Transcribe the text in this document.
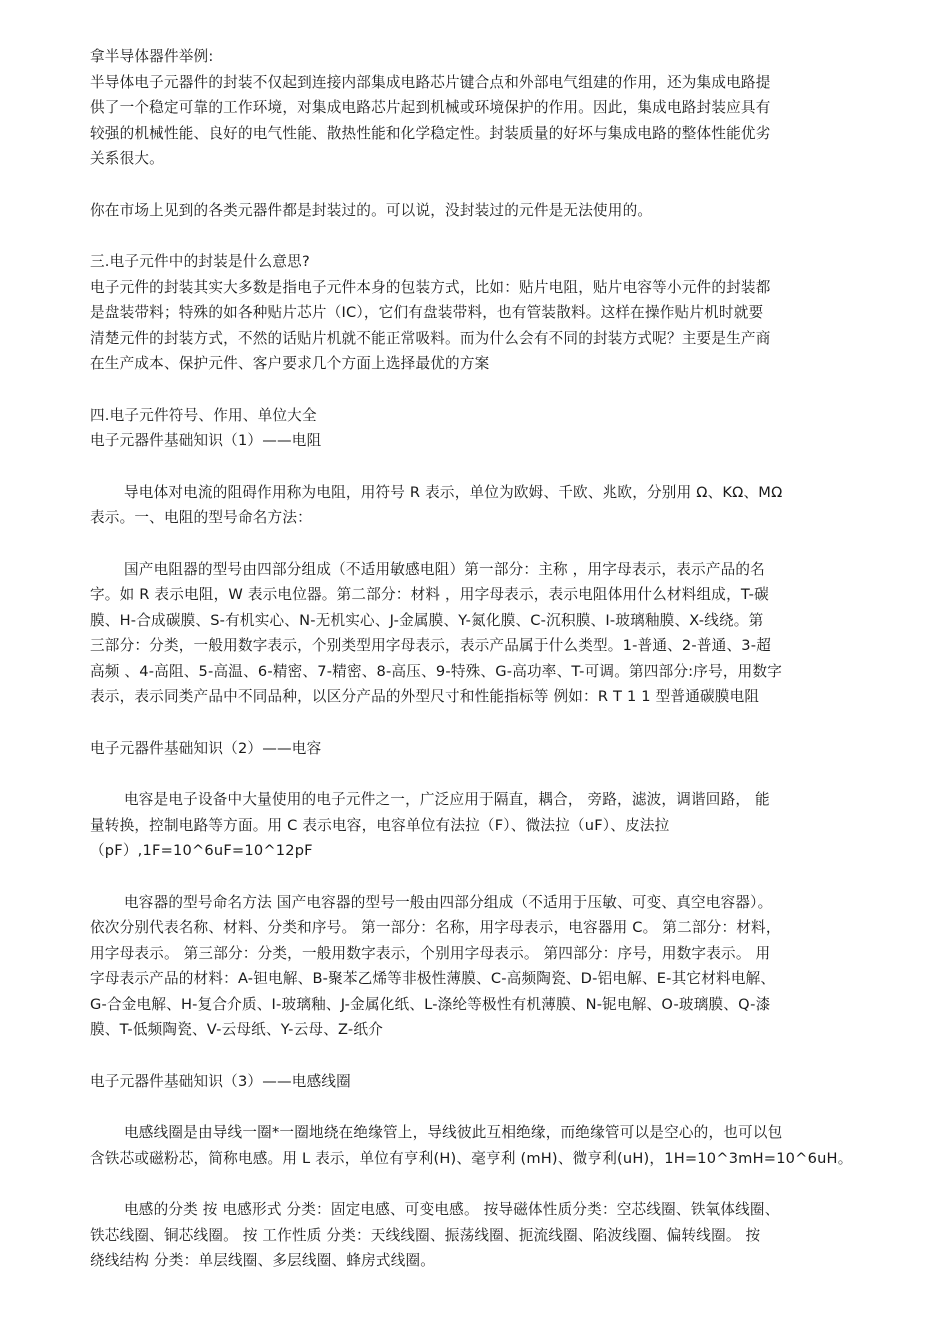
拿半导体器件举例:
半导体电子元器件的封装不仅起到连接内部集成电路芯片键合点和外部电气组建的作用，还为集成电路提
供了一个稳定可靠的工作环境，对集成电路芯片起到机械或环境保护的作用。因此，集成电路封装应具有
较强的机械性能、良好的电气性能、散热性能和化学稳定性。封装质量的好坏与集成电路的整体性能优劣
关系很大。
你在市场上见到的各类元器件都是封装过的。可以说，没封装过的元件是无法使用的。
三.电子元件中的封装是什么意思?
电子元件的封装其实大多数是指电子元件本身的包装方式，比如：贴片电阻，贴片电容等小元件的封装都
是盘装带料；特殊的如各种贴片芯片（IC），它们有盘装带料，也有管装散料。这样在操作贴片机时就要
清楚元件的封装方式，不然的话贴片机就不能正常吸料。而为什么会有不同的封装方式呢？主要是生产商
在生产成本、保护元件、客户要求几个方面上选择最优的方案
四.电子元件符号、作用、单位大全
电子元器件基础知识（1）——电阻
导电体对电流的阻碍作用称为电阻，用符号 R 表示，单位为欧姆、千欧、兆欧，分别用 Ω、KΩ、MΩ
表示。一、电阻的型号命名方法：
国产电阻器的型号由四部分组成（不适用敏感电阻）第一部分：主称 ，用字母表示，表示产品的名
字。如 R 表示电阻，W 表示电位器。第二部分：材料 ，用字母表示，表示电阻体用什么材料组成，T-碳
膜、H-合成碳膜、S-有机实心、N-无机实心、J-金属膜、Y-氮化膜、C-沉积膜、I-玻璃釉膜、X-线绕。第
三部分：分类，一般用数字表示，个别类型用字母表示，表示产品属于什么类型。1-普通、2-普通、3-超
高频 、4-高阻、5-高温、6-精密、7-精密、8-高压、9-特殊、G-高功率、T-可调。第四部分:序号，用数字
表示，表示同类产品中不同品种，以区分产品的外型尺寸和性能指标等 例如：R T 1 1 型普通碳膜电阻
电子元器件基础知识（2）——电容
电容是电子设备中大量使用的电子元件之一，广泛应用于隔直，耦合， 旁路，滤波，调谐回路， 能
量转换，控制电路等方面。用 C 表示电容，电容单位有法拉（F）、微法拉（uF）、皮法拉
（pF）,1F=10^6uF=10^12pF
电容器的型号命名方法 国产电容器的型号一般由四部分组成（不适用于压敏、可变、真空电容器）。
依次分别代表名称、材料、分类和序号。 第一部分：名称，用字母表示，电容器用 C。 第二部分：材料，
用字母表示。 第三部分：分类，一般用数字表示，个别用字母表示。 第四部分：序号，用数字表示。 用
字母表示产品的材料：A-钽电解、B-聚苯乙烯等非极性薄膜、C-高频陶瓷、D-铝电解、E-其它材料电解、
G-合金电解、H-复合介质、I-玻璃釉、J-金属化纸、L-涤纶等极性有机薄膜、N-铌电解、O-玻璃膜、Q-漆
膜、T-低频陶瓷、V-云母纸、Y-云母、Z-纸介
电子元器件基础知识（3）——电感线圈
电感线圈是由导线一圈*一圈地绕在绝缘管上，导线彼此互相绝缘，而绝缘管可以是空心的，也可以包
含铁芯或磁粉芯，简称电感。用 L 表示，单位有亨利(H)、毫亨利 (mH)、微亨利(uH)，1H=10^3mH=10^6uH。
电感的分类 按 电感形式 分类：固定电感、可变电感。 按导磁体性质分类：空芯线圈、铁氧体线圈、
铁芯线圈、铜芯线圈。 按 工作性质 分类：天线线圈、振荡线圈、扼流线圈、陷波线圈、偏转线圈。 按
绕线结构 分类：单层线圈、多层线圈、蜂房式线圈。
